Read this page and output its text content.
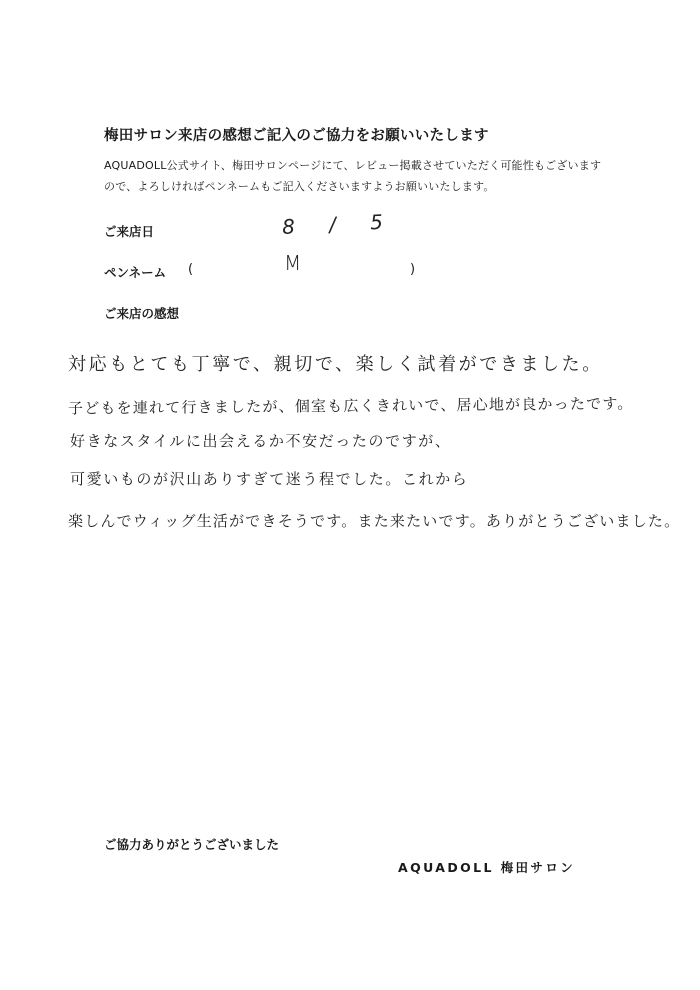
梅田サロン来店の感想ご記入のご協力をお願いいたします
AQUADOLL公式サイト、梅田サロンページにて、レビュー掲載させていただく可能性もございますので、よろしければペンネームもご記入くださいますようお願いいたします。
ご来店日	8 / 5
ペンネーム (	M	)
ご来店の感想
対応もとても丁寧で、親切で、楽しく試着ができました。
子どもを連れて行きましたが、個室も広くきれいで、居心地が良かったです。
好きなスタイルに出会えるか不安だったのですが、
可愛いものが沢山ありすぎて迷う程でした。これから
楽しんでウィッグ生活ができそうです。また来たいです。ありがとうございました。
ご協力ありがとうございました
AQUADOLL 梅田サロン
